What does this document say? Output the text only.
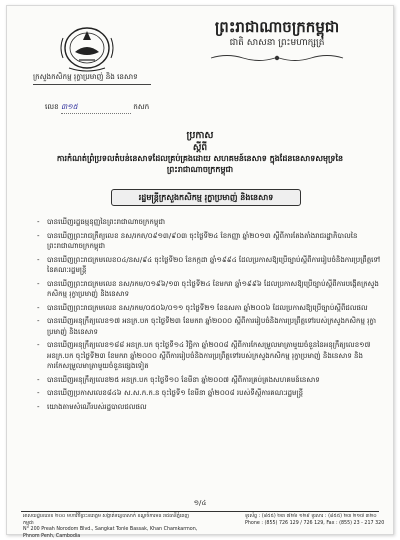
ព្រះរាជាណាចក្រកម្ពុជា
ជាតិ សាសនា ព្រះមហាក្សត្រ
ក្រសួងកសិកម្ម រុក្ខាប្រមាញ់ និង នេសាទ
លេខ ៣១៥	កសក
ប្រកាស
ស្តីពី
ការកំណត់ព្រំប្រទលតំបន់នេសាទដែលគ្រប់គ្រងដោយ សហគមន៍នេសាទ ក្នុងដែននេសាទសមុទ្រនៃព្រះរាជាណាចក្រកម្ពុជា
រដ្ឋមន្ត្រីក្រសួងកសិកម្ម រុក្ខាប្រមាញ់ និងនេសាទ
- បានឃើញរដ្ឋធម្មនុញ្ញនៃព្រះរាជាណាចក្រកម្ពុជា
- បានឃើញព្រះរាជក្រឹត្យលេខ នស/រកត/០៩១៣/៩០៣ ចុះថ្ងៃទី២៤ ខែកញ្ញា ឆ្នាំ២០១៣ ស្តីពីការតែងតាំងរាជរដ្ឋាភិបាលនៃព្រះរាជាណាចក្រកម្ពុជា
- បានឃើញព្រះរាជក្រមលេខ០៤/នស/៩៤ ចុះថ្ងៃទី២០ ខែកក្កដា ឆ្នាំ១៩៩៤ ដែលប្រកាសឱ្យប្រើច្បាប់ស្តីពីការរៀបចំនិងការប្រព្រឹត្តទៅនៃគណៈរដ្ឋមន្ត្រី
- បានឃើញព្រះរាជក្រមលេខ នស/រកម/០១៩៦/១៣ ចុះថ្ងៃទី២៤ ខែមករា ឆ្នាំ១៩៩៦ ដែលប្រកាសឱ្យប្រើច្បាប់ស្តីពីការបង្កើតក្រសួងកសិកម្ម រុក្ខាប្រមាញ់ និងនេសាទ
- បានឃើញព្រះរាជក្រមលេខ នស/រកម/០៥០៦/០១១ ចុះថ្ងៃទី២១ ខែឧសភា ឆ្នាំ២០០៦ ដែលប្រកាសឱ្យប្រើច្បាប់ស្តីពីជលផល
- បានឃើញអនុក្រឹត្យលេខ១៧ អនក្រ.បក ចុះថ្ងៃទី២៣ ខែមករា ឆ្នាំ២០០០ ស្តីពីការរៀបចំនិងការប្រព្រឹត្តទៅរបស់ក្រសួងកសិកម្ម រុក្ខាប្រមាញ់ និងនេសាទ
- បានឃើញអនុក្រឹត្យលេខ១៨៨ អនក្រ.បក ចុះថ្ងៃទី១៤ វិច្ឆិកា ឆ្នាំ២០០៨ ស្តីពីការកែសម្រួលមាត្រាមួយចំនួននៃអនុក្រឹត្យលេខ១៧ អនក្រ.បក ចុះថ្ងៃទី២៣ ខែមករា ឆ្នាំ២០០០ ស្តីពីការរៀបចំនិងការប្រព្រឹត្តទៅរបស់ក្រសួងកសិកម្ម រុក្ខាប្រមាញ់ និងនេសាទ និងការកែសម្រួលមាត្រាមួយចំនួនផ្សេងទៀត
- បានឃើញអនុក្រឹត្យលេខ២៥ អនក្រ.បក ចុះថ្ងៃទី១០ ខែមីនា ឆ្នាំ២០០៧ ស្តីពីការគ្រប់គ្រងសហគមន៍នេសាទ
- បានឃើញប្រកាសលេខ៨៤៦ ស.ស.ក.ក.ន ចុះថ្ងៃទី១ ខែមីនា ឆ្នាំ២០០៨ របស់ទីស្តីការគណៈរដ្ឋមន្ត្រី
- យោងតាមសំណើរបស់រដ្ឋបាលជលផល
១/៤
អាសយដ្ឋានលេខ ២០០ មហាវិថីព្រះនរោត្តម សង្កាត់ទន្លេបាសាក់ ខណ្ឌចំការមន រាជធានីភ្នំពេញ កម្ពុជា
N° 200 Preah Norodom Blvd., Sangkat Tonle Bassak, Khan Chamkarmon, Phnom Penh, Cambodia
ទូរស័ព្ទ : (៨៥៥) ២៣ ៧២៦ ១២៩ ទូរសារ : (៨៥៥) ២៣ ២១៧ ៣២០
Phone : (855) 726 129 / 726 129, Fax : (855) 23 - 217 320
